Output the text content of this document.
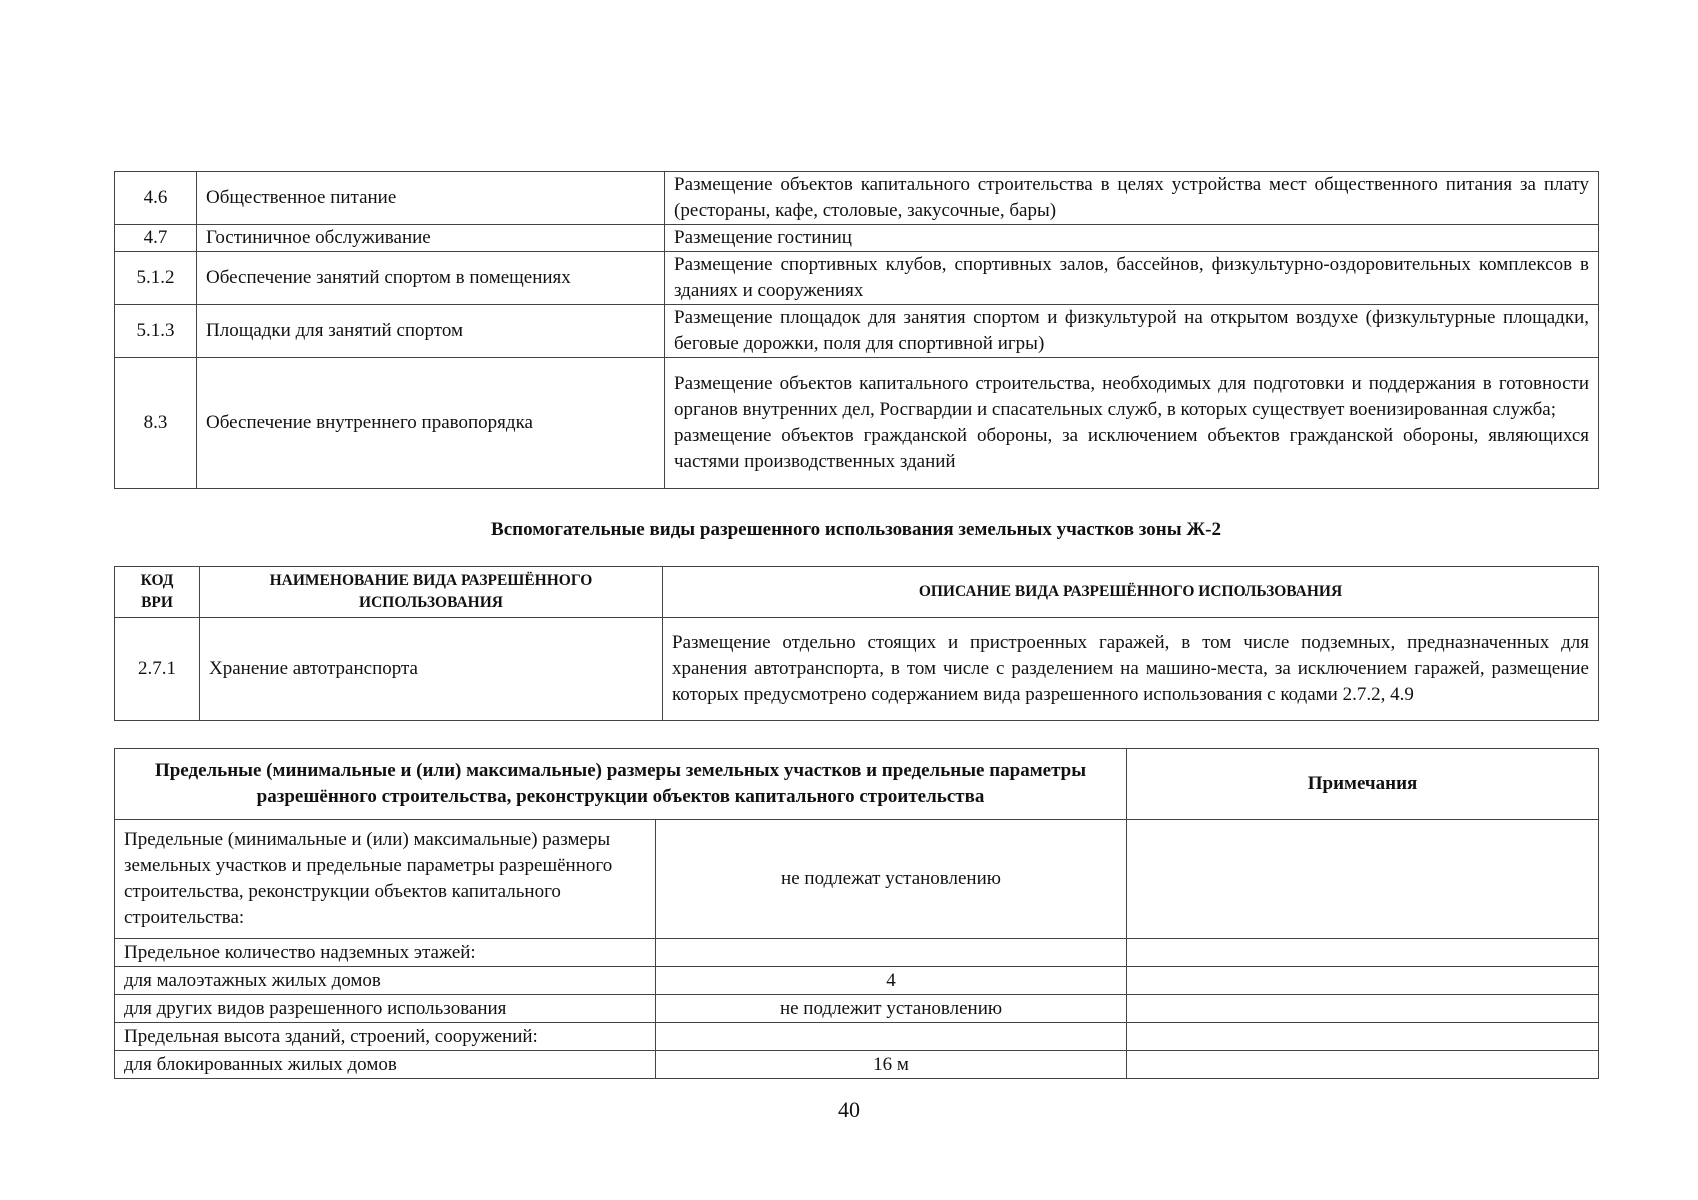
4.6	Общественное питание	Размещение объектов капитального строительства в целях устройства мест общественного питания за плату (рестораны, кафе, столовые, закусочные, бары)
4.7	Гостиничное обслуживание	Размещение гостиниц
5.1.2	Обеспечение занятий спортом в помещениях	Размещение спортивных клубов, спортивных залов, бассейнов, физкультурно-оздоровительных комплексов в зданиях и сооружениях
5.1.3	Площадки для занятий спортом	Размещение площадок для занятия спортом и физкультурой на открытом воздухе (физкультурные площадки, беговые дорожки, поля для спортивной игры)
8.3	Обеспечение внутреннего правопорядка	Размещение объектов капитального строительства, необходимых для подготовки и поддержания в готовности органов внутренних дел, Росгвардии и спасательных служб, в которых существует военизированная служба;
размещение объектов гражданской обороны, за исключением объектов гражданской обороны, являющихся частями производственных зданий
Вспомогательные виды разрешенного использования земельных участков зоны Ж-2
КОД ВРИ	НАИМЕНОВАНИЕ ВИДА РАЗРЕШЁННОГО ИСПОЛЬЗОВАНИЯ	ОПИСАНИЕ ВИДА РАЗРЕШЁННОГО ИСПОЛЬЗОВАНИЯ
2.7.1	Хранение автотранспорта	Размещение отдельно стоящих и пристроенных гаражей, в том числе подземных, предназначенных для хранения автотранспорта, в том числе с разделением на машино-места, за исключением гаражей, размещение которых предусмотрено содержанием вида разрешенного использования с кодами 2.7.2, 4.9
Предельные (минимальные и (или) максимальные) размеры земельных участков и предельные параметры разрешённого строительства, реконструкции объектов капитального строительства		Примечания
Предельные (минимальные и (или) максимальные) размеры земельных участков и предельные параметры разрешённого строительства, реконструкции объектов капитального строительства:	не подлежат установлению	
Предельное количество надземных этажей:		
для малоэтажных жилых домов	4	
для других видов разрешенного использования	не подлежит установлению	
Предельная высота зданий, строений, сооружений:		
для блокированных жилых домов	16 м	
40
